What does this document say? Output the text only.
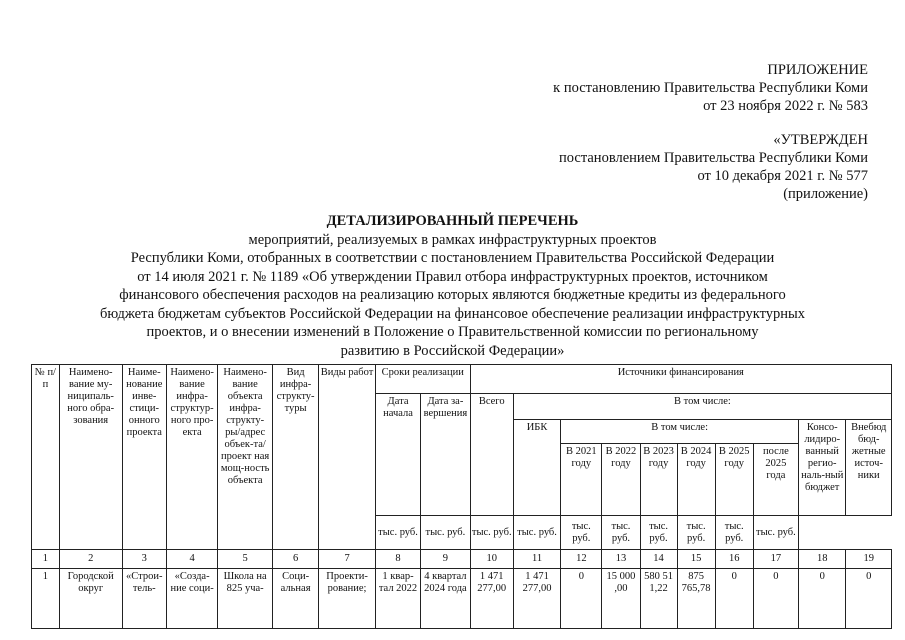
ПРИЛОЖЕНИЕ
к постановлению Правительства Республики Коми
от 23 ноября 2022 г. № 583
«УТВЕРЖДЕН
постановлением Правительства Республики Коми
от 10 декабря 2021 г. № 577
(приложение)
ДЕТАЛИЗИРОВАННЫЙ ПЕРЕЧЕНЬ
мероприятий, реализуемых в рамках инфраструктурных проектов
Республики Коми, отобранных в соответствии с постановлением Правительства Российской Федерации
от 14 июля 2021 г. № 1189 «Об утверждении Правил отбора инфраструктурных проектов, источником
финансового обеспечения расходов на реализацию которых являются бюджетные кредиты из федерального
бюджета бюджетам субъектов Российской Федерации на финансовое обеспечение реализации инфраструктурных
проектов, и о внесении изменений в Положение о Правительственной комиссии по региональному
развитию в Российской Федерации»
№ п/п	Наимено-вание му-ниципаль-ного обра-зования	Наиме-нование инве-стици-онного проекта	Наимено-вание инфра-структур-ного про-екта	Наимено-вание объекта инфра-структу-ры/адрес объек-та/проект ная мощ-ность объекта	Вид инфра-структу-туры	Виды работ	Сроки реализации		Источники финансирования									
							Дата начала	Дата за-вершения	Всего	В том числе:								
										ИБК	В том числе:						Консо-лидиро-ванный регио-наль-ный бюджет	Внебюд бюд-жетные источ-ники
											В 2021 году	В 2022 году	В 2023 году	В 2024 году	В 2025 году	после 2025 года		
							тыс. руб.	тыс. руб.	тыс. руб.	тыс. руб.	тыс. руб.	тыс. руб.	тыс. руб.	тыс. руб.	тыс. руб.	тыс. руб.		
1	2	3	4	5	6	7	8	9	10	11	12	13	14	15	16	17	18	19
1	Городской округ	«Строи-тель-	«Созда-ние соци-	Школа на 825 уча-	Соци-альная	Проекти-рование;	1 квар-тал 2022	4 квартал 2024 года	1 471 277,00	1 471 277,00	0	15 000 ,00	580 51 1,22	875 765,78	0	0	0	0
